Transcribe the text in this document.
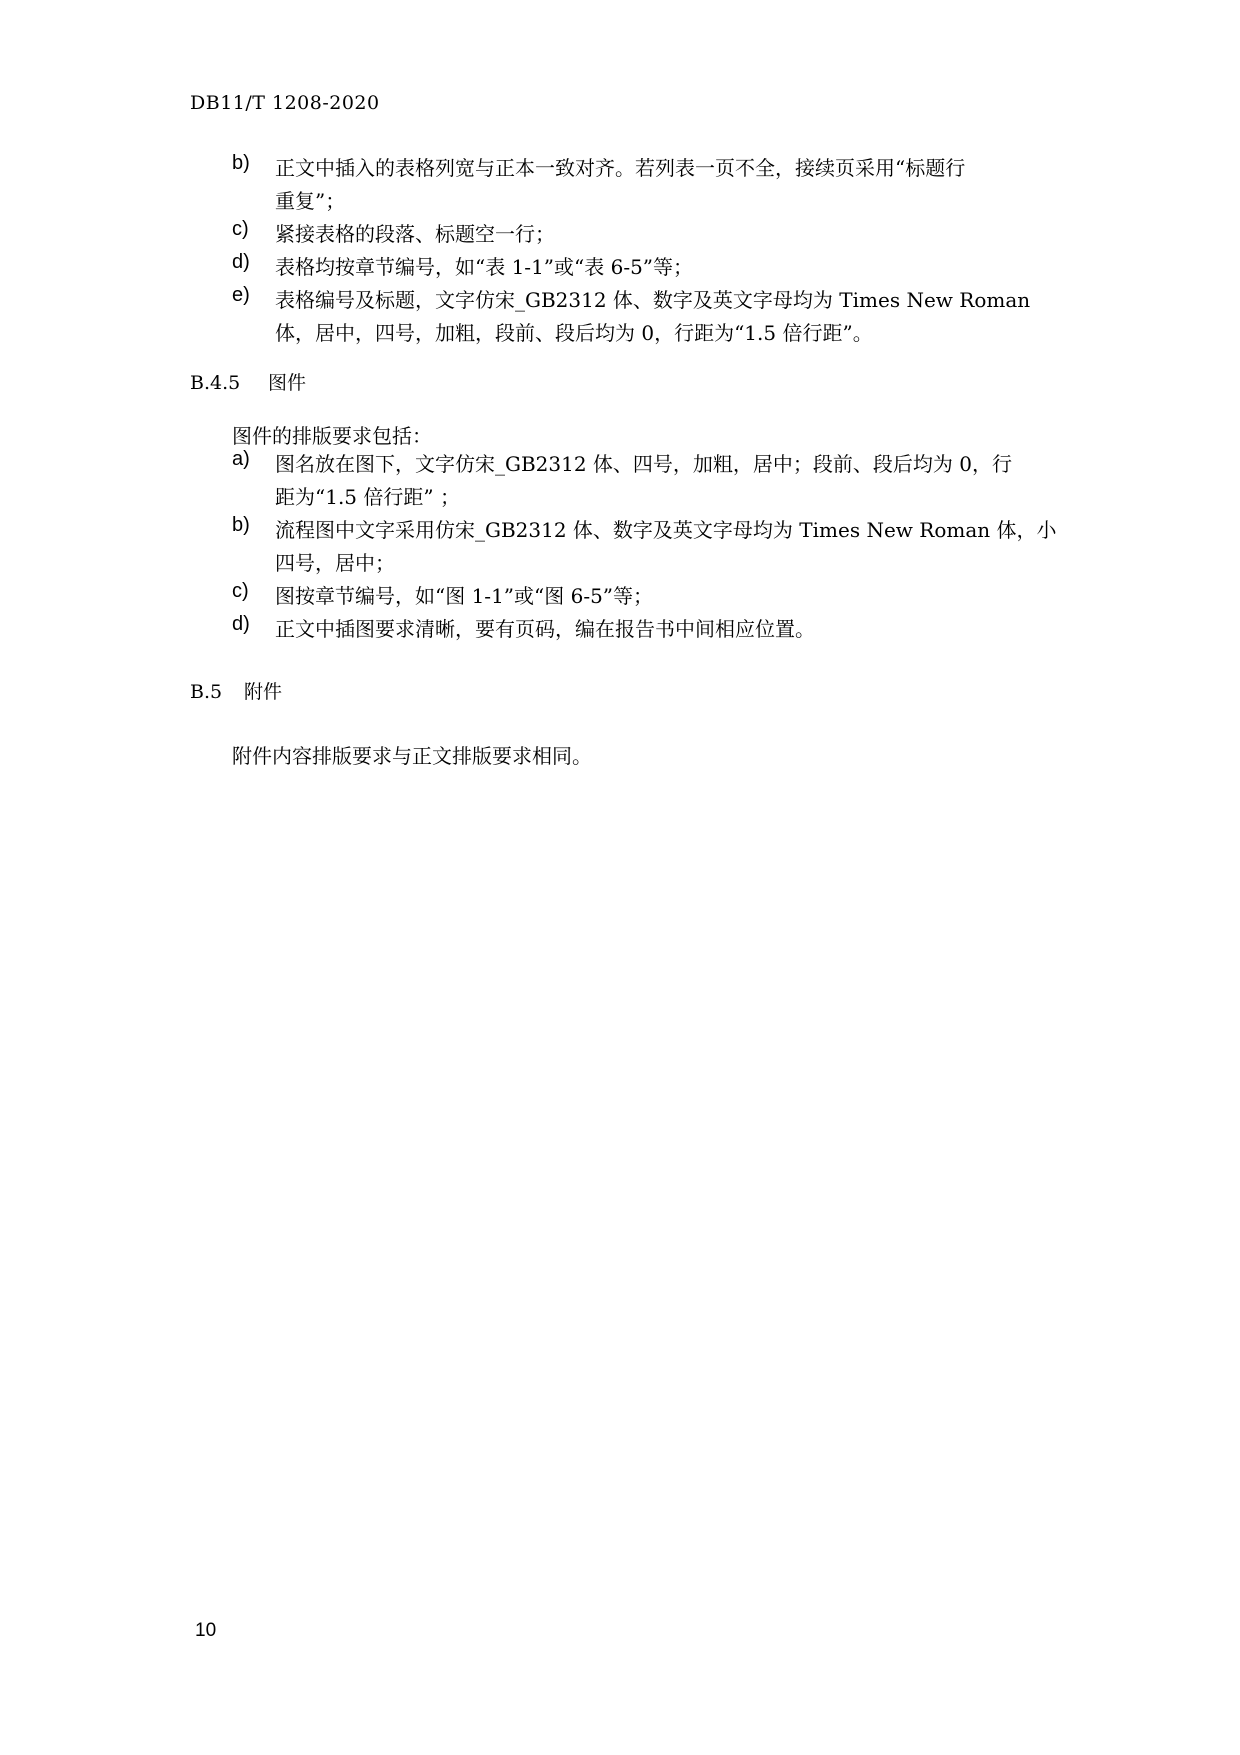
DB11/T 1208-2020
b) 正文中插入的表格列宽与正本一致对齐。若列表一页不全，接续页采用“标题行
重复”；
c) 紧接表格的段落、标题空一行；
d) 表格均按章节编号，如“表 1-1”或“表 6-5”等；
e) 表格编号及标题，文字仿宋_GB2312 体、数字及英文字母均为 Times New Roman
体，居中，四号，加粗，段前、段后均为 0，行距为“1.5 倍行距”。
B.4.5 图件
图件的排版要求包括：
a) 图名放在图下，文字仿宋_GB2312 体、四号，加粗，居中；段前、段后均为 0，行
距为“1.5 倍行距” ；
b) 流程图中文字采用仿宋_GB2312 体、数字及英文字母均为 Times New Roman 体，小
四号，居中；
c) 图按章节编号，如“图 1-1”或“图 6-5”等；
d) 正文中插图要求清晰，要有页码，编在报告书中间相应位置。
B.5 附件
附件内容排版要求与正文排版要求相同。
10
